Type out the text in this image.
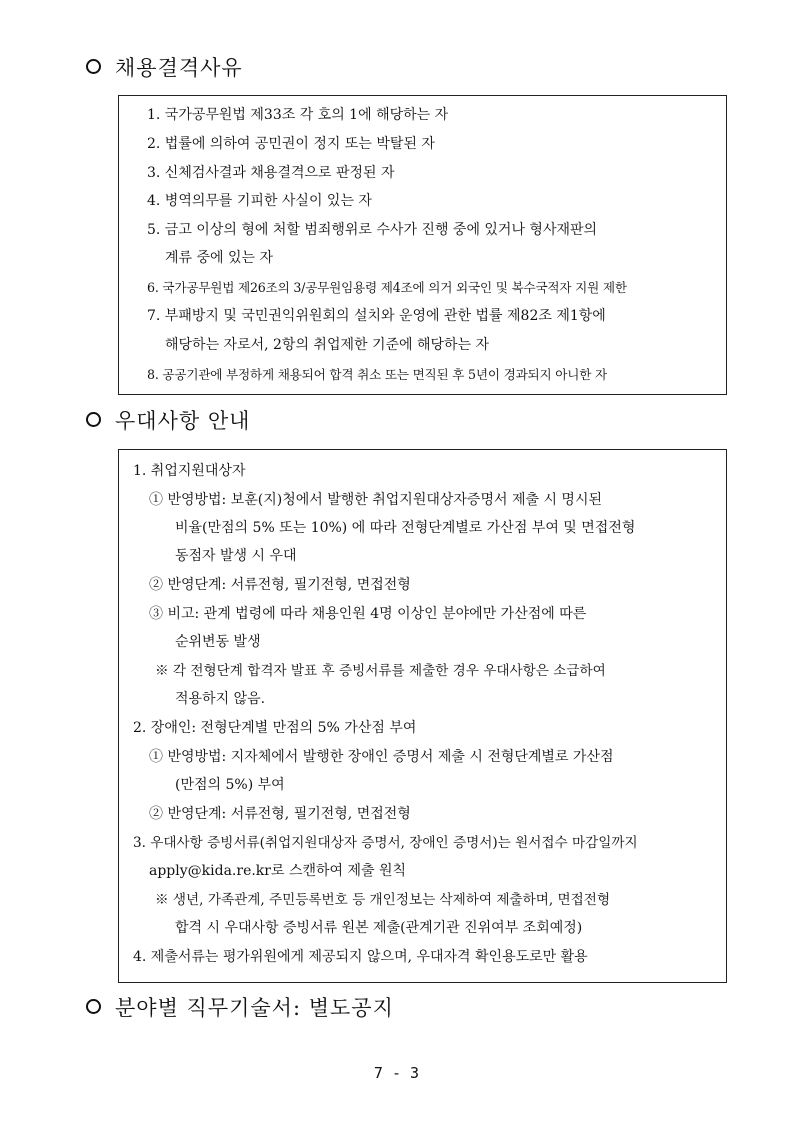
채용결격사유
1. 국가공무원법 제33조 각 호의 1에 해당하는 자
2. 법률에 의하여 공민권이 정지 또는 박탈된 자
3. 신체검사결과 채용결격으로 판정된 자
4. 병역의무를 기피한 사실이 있는 자
5. 금고 이상의 형에 처할 범죄행위로 수사가 진행 중에 있거나 형사재판의
계류 중에 있는 자
6. 국가공무원법 제26조의 3/공무원임용령 제4조에 의거 외국인 및 복수국적자 지원 제한
7. 부패방지 및 국민권익위원회의 설치와 운영에 관한 법률 제82조 제1항에
해당하는 자로서, 2항의 취업제한 기준에 해당하는 자
8. 공공기관에 부정하게 채용되어 합격 취소 또는 면직된 후 5년이 경과되지 아니한 자
우대사항 안내
1. 취업지원대상자
① 반영방법: 보훈(지)청에서 발행한 취업지원대상자증명서 제출 시 명시된
비율(만점의 5% 또는 10%) 에 따라 전형단계별로 가산점 부여 및 면접전형
동점자 발생 시 우대
② 반영단계: 서류전형, 필기전형, 면접전형
③ 비고: 관계 법령에 따라 채용인원 4명 이상인 분야에만 가산점에 따른
순위변동 발생
※ 각 전형단계 합격자 발표 후 증빙서류를 제출한 경우 우대사항은 소급하여
적용하지 않음.
2. 장애인: 전형단계별 만점의 5% 가산점 부여
① 반영방법: 지자체에서 발행한 장애인 증명서 제출 시 전형단계별로 가산점
(만점의 5%) 부여
② 반영단계: 서류전형, 필기전형, 면접전형
3. 우대사항 증빙서류(취업지원대상자 증명서, 장애인 증명서)는 원서접수 마감일까지
apply@kida.re.kr로 스캔하여 제출 원칙
※ 생년, 가족관계, 주민등록번호 등 개인정보는 삭제하여 제출하며, 면접전형
합격 시 우대사항 증빙서류 원본 제출(관계기관 진위여부 조회예정)
4. 제출서류는 평가위원에게 제공되지 않으며, 우대자격 확인용도로만 활용
분야별 직무기술서: 별도공지
7 - 3
